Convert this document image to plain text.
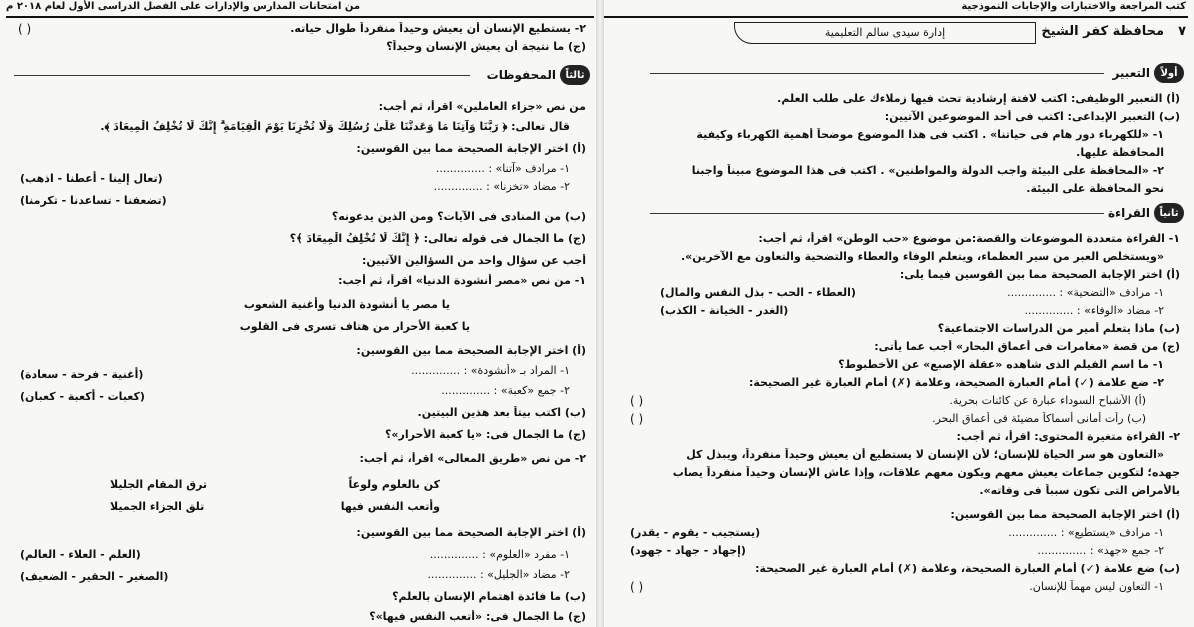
كتب المراجعة والاختبارات والإجابات النموذجية
٧
محافظة كفر الشيخ
إدارة سيدى سالم التعليمية
أولاً
التعبير
(أ) التعبير الوظيفى: اكتب لافتة إرشادية تحث فيها زملاءك على طلب العلم.
(ب) التعبير الإبداعى: اكتب فى أحد الموضوعين الآتيين:
١- «للكهرباء دور هام فى حياتنا» . اكتب فى هذا الموضوع موضحاً أهمية الكهرباء وكيفية
المحافظة عليها.
٢- «المحافظة على البيئة واجب الدولة والمواطنين» . اكتب فى هذا الموضوع مبيناً واجبنا
نحو المحافظة على البيئة.
ثانياً
القراءة
١- القراءة متعددة الموضوعات والقصة:من موضوع «حب الوطن» اقرأ، ثم أجب:
«ويستخلص العبر من سير العظماء، ويتعلم الوفاء والعطاء والتضحية والتعاون مع الآخرين».
(أ) اختر الإجابة الصحيحة مما بين القوسين فيما يلى:
١- مرادف «التضحية» : ..............
٢- مضاد «الوفاء» : ..............
(ب) ماذا يتعلم أمير من الدراسات الاجتماعية؟
(ج) من قصة «مغامرات فى أعماق البحار» أجب عما يأتى:
١- ما اسم الفيلم الذى شاهده «عقلة الإصبع» عن الأخطبوط؟
٢- ضع علامة (✓) أمام العبارة الصحيحة، وعلامة (✗) أمام العبارة غير الصحيحة:
(أ) الأشباح السوداء عبارة عن كائنات بحرية.
(ب) رأت أمانى أسماكاً مضيئة فى أعماق البحر.
٢- القراءة متغيرة المحتوى: اقرأ، ثم أجب:
«التعاون هو سر الحياة للإنسان؛ لأن الإنسان لا يستطيع أن يعيش وحيداً منفرداً، ويبذل كل
جهده؛ لتكوين جماعات يعيش معهم ويكون معهم علاقات، وإذا عاش الإنسان وحيداً منفرداً يصاب
بالأمراض التى تكون سبباً فى وفاته».
(أ) اختر الإجابة الصحيحة مما بين القوسين:
١- مرادف «يستطيع» : ..............
٢- جمع «جهد» : ..............
(ب) ضع علامة (✓) أمام العبارة الصحيحة، وعلامة (✗) أمام العبارة غير الصحيحة:
١- التعاون ليس مهماً للإنسان.
(العطاء - الحب - بذل النفس والمال)
(الغدر - الخيانة - الكذب)
(يستجيب - يقوم - يقدر)
(إجهاد - جهاد - جهود)
( )
( )
( )
من امتحانات المدارس والإدارات على الفصل الدراسى الأول لعام ٢٠١٨ م
٢- يستطيع الإنسان أن يعيش وحيداً منفرداً طوال حياته.
( )
(ج) ما نتيجة أن يعيش الإنسان وحيداً؟
ثالثاً
المحفوظات
من نص «جزاء العاملين» اقرأ، ثم أجب:
قال تعالى: ﴿ رَبَّنَا وَآتِنَا مَا وَعَدتَّنَا عَلَىٰ رُسُلِكَ وَلَا تُخْزِنَا يَوْمَ الْقِيَامَةِ ۗ إِنَّكَ لَا تُخْلِفُ الْمِيعَادَ ﴾.
(أ) اختر الإجابة الصحيحة مما بين القوسين:
١- مرادف «آتنا» : ..............
٢- مضاد «تخزنا» : ..............
(ب) من المنادى فى الآيات؟ ومن الذين يدعونه؟
(ج) ما الجمال فى قوله تعالى: ﴿ إِنَّكَ لَا تُخْلِفُ الْمِيعَادَ ﴾؟
أجب عن سؤال واحد من السؤالين الآتيين:
١- من نص «مصر أنشودة الدنيا» اقرأ، ثم أجب:
يا مصر يا أنشودة الدنيا وأغنية الشعوب
يا كعبة الأحرار من هتاف تسرى فى القلوب
(أ) اختر الإجابة الصحيحة مما بين القوسين:
١- المراد بـ «أنشودة» : ..............
٢- جمع «كعبة» : ..............
(ب) اكتب بيتاً بعد هذين البيتين.
(ج) ما الجمال فى: «يا كعبة الأحرار»؟
٢- من نص «طريق المعالى» اقرأ، ثم أجب:
كن بالعلوم ولوعاً
ترق المقام الجليلا
وأتعب النفس فيها
تلق الجزاء الجميلا
(أ) اختر الإجابة الصحيحة مما بين القوسين:
١- مفرد «العلوم» : ..............
٢- مضاد «الجليل» : ..............
(ب) ما فائدة اهتمام الإنسان بالعلم؟
(ج) ما الجمال فى: «أتعب النفس فيها»؟
(تعال إلينا - أعطنا - اذهب)
(تضعفنا - تساعدنا - تكرمنا)
(أغنية - فرحة - سعادة)
(كعبات - أكعبة - كعبان)
(العلم - العلاء - العالم)
(الصغير - الحقير - الضعيف)
